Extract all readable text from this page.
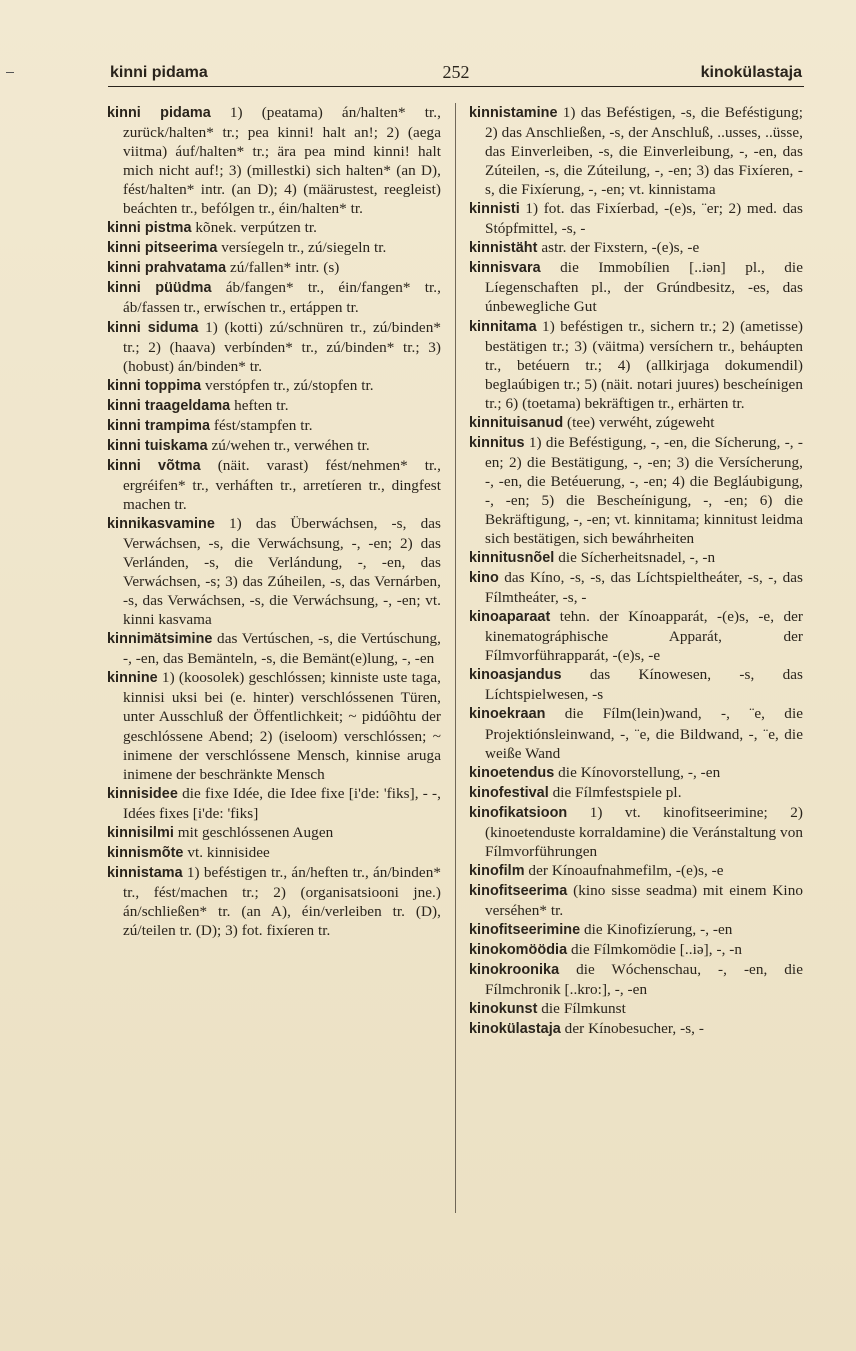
kinni pidama	252	kinokülastaja

kinni pidama 1) (peatama) án/halten* tr., zurück/halten* tr.; pea kinni! halt an!; 2) (aega viitma) áuf/halten* tr.; ära pea mind kinni! halt mich nicht auf!; 3) (millestki) sich halten* (an D), fést/halten* intr. (an D); 4) (määrustest, reegleist) beáchten tr., befólgen tr., éin/halten* tr.

kinni pistma kõnek. verpútzen tr.

kinni pitseerima versíegeln tr., zú/siegeln tr.

kinni prahvatama zú/fallen* intr. (s)

kinni püüdma áb/fangen* tr., éin/fangen* tr., áb/fassen tr., erwíschen tr., ertáppen tr.

kinni siduma 1) (kotti) zú/schnüren tr., zú/binden* tr.; 2) (haava) verbínden* tr., zú/binden* tr.; 3) (hobust) án/binden* tr.

kinni toppima verstópfen tr., zú/stopfen tr.

kinni traageldama heften tr.

kinni trampima fést/stampfen tr.

kinni tuiskama zú/wehen tr., verwéhen tr.

kinni võtma (näit. varast) fést/nehmen* tr., ergréifen* tr., verháften tr., arretíeren tr., dingfest machen tr.

kinnikasvamine 1) das Überwáchsen, -s, das Verwáchsen, -s, die Verwáchsung, -, -en; 2) das Verlánden, -s, die Verlándung, -, -en, das Verwáchsen, -s; 3) das Zúheilen, -s, das Vernárben, -s, das Verwáchsen, -s, die Verwáchsung, -, -en; vt. kinni kasvama

kinnimätsimine das Vertúschen, -s, die Vertúschung, -, -en, das Bemänteln, -s, die Bemänt(e)lung, -, -en

kinnine 1) (koosolek) geschlóssen; kinniste uste taga, kinnisi uksi bei (e. hinter) verschlóssenen Türen, unter Ausschluß der Öffentlichkeit; ~ pidúõhtu der geschlóssene Abend; 2) (iseloom) verschlóssen; ~ inimene der verschlóssene Mensch, kinnise aruga inimene der beschränkte Mensch

kinnisidee die fixe Idée, die Idee fixe [i'de: 'fiks], - -, Idées fixes [i'de: 'fiks]

kinnisilmi mit geschlóssenen Augen

kinnismõte vt. kinnisidee

kinnistama 1) beféstigen tr., án/heften tr., án/binden* tr., fést/machen tr.; 2) (organisatsiooni jne.) án/schließen* tr. (an A), éin/verleiben tr. (D), zú/teilen tr. (D); 3) fot. fixíeren tr.

kinnistamine 1) das Beféstigen, -s, die Beféstigung; 2) das Anschließen, -s, der Anschluß, ..usses, ..üsse, das Einverleiben, -s, die Einverleibung, -, -en, das Zúteilen, -s, die Zúteilung, -, -en; 3) das Fixíeren, -s, die Fixíerung, -, -en; vt. kinnistama

kinnisti 1) fot. das Fixíerbad, -(e)s, ¨er; 2) med. das Stópfmittel, -s, -

kinnistäht astr. der Fixstern, -(e)s, -e

kinnisvara die Immobílien [..iən] pl., die Líegenschaften pl., der Grúndbesitz, -es, das únbewegliche Gut

kinnitama 1) beféstigen tr., sichern tr.; 2) (ametisse) bestätigen tr.; 3) (väitma) versíchern tr., beháupten tr., betéuern tr.; 4) (allkirjaga dokumendil) beglaúbigen tr.; 5) (näit. notari juures) bescheínigen tr.; 6) (toetama) bekräftigen tr., erhärten tr.

kinnituisanud (tee) verwéht, zúgeweht

kinnitus 1) die Beféstigung, -, -en, die Sícherung, -, -en; 2) die Bestätigung, -, -en; 3) die Versícherung, -, -en, die Betéuerung, -, -en; 4) die Begláubigung, -, -en; 5) die Bescheínigung, -, -en; 6) die Bekräftigung, -, -en; vt. kinnitama; kinnitust leidma sich bestätigen, sich bewáhrheiten

kinnitusnõel die Sícherheitsnadel, -, -n

kino das Kíno, -s, -s, das Líchtspieltheáter, -s, -, das Fílmtheáter, -s, -

kinoaparaat tehn. der Kínoapparát, -(e)s, -e, der kinematográphische Apparát, der Fílmvorführapparát, -(e)s, -e

kinoasjandus das Kínowesen, -s, das Líchtspielwesen, -s

kinoekraan die Fílm(lein)wand, -, ¨e, die Projektiónsleinwand, -, ¨e, die Bildwand, -, ¨e, die weiße Wand

kinoetendus die Kínovorstellung, -, -en

kinofestival die Fílmfestspiele pl.

kinofikatsioon 1) vt. kinofitseerimine; 2) (kinoetenduste korraldamine) die Veránstaltung von Fílmvorführungen

kinofilm der Kínoaufnahmefilm, -(e)s, -e

kinofitseerima (kino sisse seadma) mit einem Kino verséhen* tr.

kinofitseerimine die Kinofizíerung, -, -en

kinokomöödia die Fílmkomödie [..iə], -, -n

kinokroonika die Wóchenschau, -, -en, die Fílmchronik [..kro:], -, -en

kinokunst die Fílmkunst

kinokülastaja der Kínobesucher, -s, -
